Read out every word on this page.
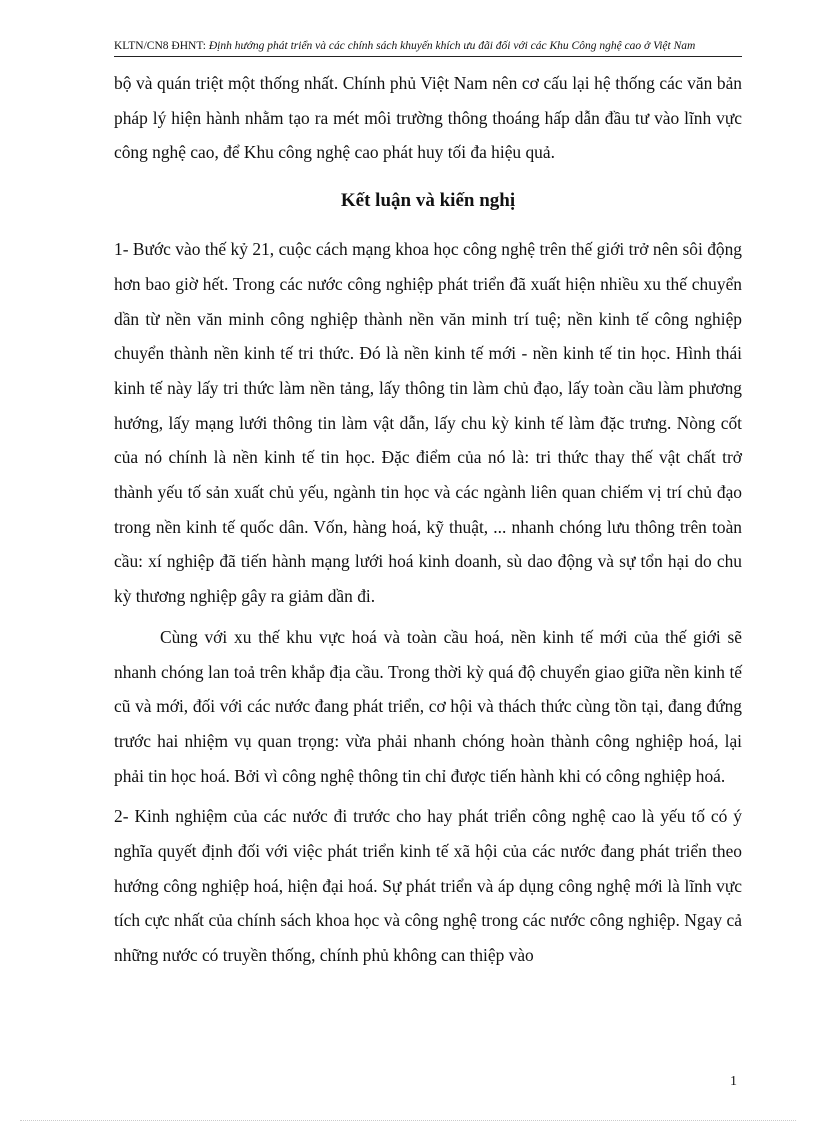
KLTN/CN8 ĐHNT: Định hướng phát triển và các chính sách khuyến khích ưu đãi đối với các Khu Công nghệ cao ở Việt Nam

bộ và quán triệt một thống nhất. Chính phủ Việt Nam nên cơ cấu lại hệ thống các văn bản pháp lý hiện hành nhằm tạo ra mét môi trường thông thoáng hấp dẫn đầu tư vào lĩnh vực công nghệ cao, để Khu công nghệ cao phát huy tối đa hiệu quả.

Kết luận và kiến nghị

1- Bước vào thế kỷ 21, cuộc cách mạng khoa học công nghệ trên thế giới trở nên sôi động hơn bao giờ hết. Trong các nước công nghiệp phát triển đã xuất hiện nhiều xu thế chuyển dần từ nền văn minh công nghiệp thành nền văn minh trí tuệ; nền kinh tế công nghiệp chuyển thành nền kinh tế tri thức. Đó là nền kinh tế mới - nền kinh tế tin học. Hình thái kinh tế này lấy tri thức làm nền tảng, lấy thông tin làm chủ đạo, lấy toàn cầu làm phương hướng, lấy mạng lưới thông tin làm vật dẫn, lấy chu kỳ kinh tế làm đặc trưng. Nòng cốt của nó chính là nền kinh tế tin học. Đặc điểm của nó là: tri thức thay thế vật chất trở thành yếu tố sản xuất chủ yếu, ngành tin học và các ngành liên quan chiếm vị trí chủ đạo trong nền kinh tế quốc dân. Vốn, hàng hoá, kỹ thuật, ... nhanh chóng lưu thông trên toàn cầu: xí nghiệp đã tiến hành mạng lưới hoá kinh doanh, sù dao động và sự tổn hại do chu kỳ thương nghiệp gây ra giảm dần đi.

Cùng với xu thế khu vực hoá và toàn cầu hoá, nền kinh tế mới của thế giới sẽ nhanh chóng lan toả trên khắp địa cầu. Trong thời kỳ quá độ chuyển giao giữa nền kinh tế cũ và mới, đối với các nước đang phát triển, cơ hội và thách thức cùng tồn tại, đang đứng trước hai nhiệm vụ quan trọng: vừa phải nhanh chóng hoàn thành công nghiệp hoá, lại phải tin học hoá. Bởi vì công nghệ thông tin chỉ được tiến hành khi có công nghiệp hoá.

2- Kinh nghiệm của các nước đi trước cho hay phát triển công nghệ cao là yếu tố có ý nghĩa quyết định đối với việc phát triển kinh tế xã hội của các nước đang phát triển theo hướng công nghiệp hoá, hiện đại hoá. Sự phát triển và áp dụng công nghệ mới là lĩnh vực tích cực nhất của chính sách khoa học và công nghệ trong các nước công nghiệp. Ngay cả những nước có truyền thống, chính phủ không can thiệp vào

1
